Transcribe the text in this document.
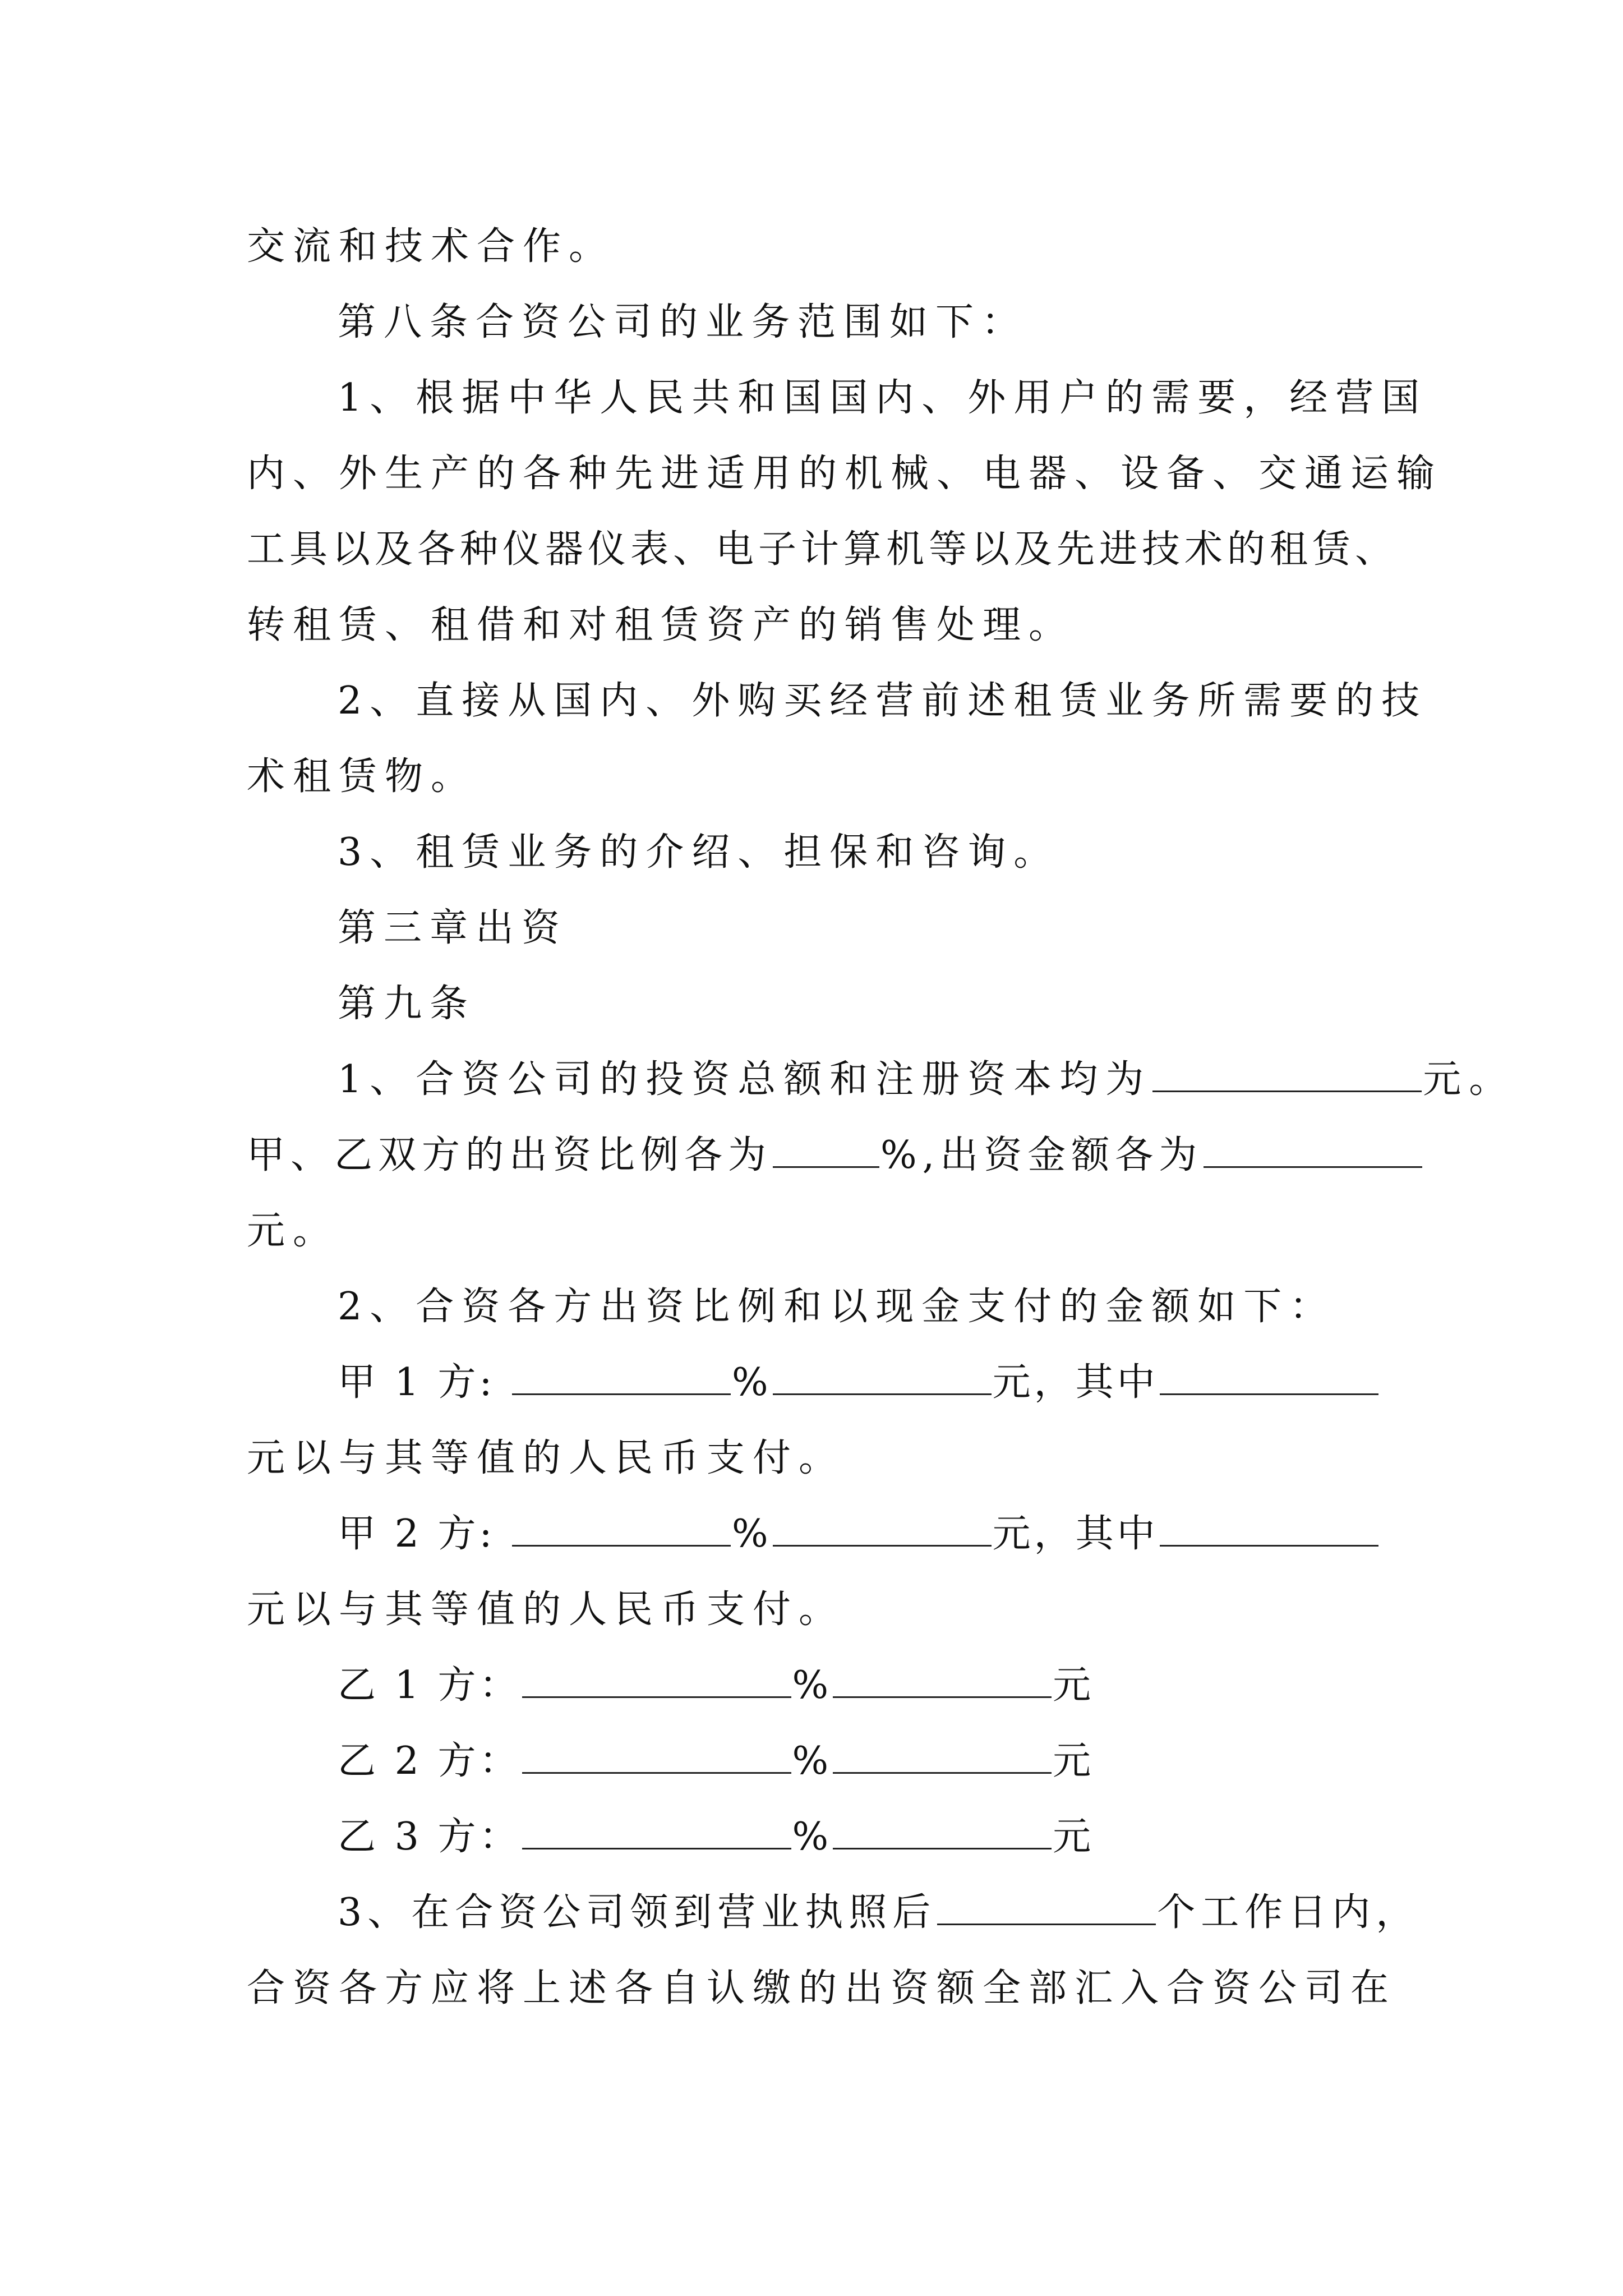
交流和技术合作。
第八条合资公司的业务范围如下：
1、根据中华人民共和国国内、外用户的需要，经营国
内、外生产的各种先进适用的机械、电器、设备、交通运输
工具以及各种仪器仪表、电子计算机等以及先进技术的租赁、
转租赁、租借和对租赁资产的销售处理。
2、直接从国内、外购买经营前述租赁业务所需要的技
术租赁物。
3、租赁业务的介绍、担保和咨询。
第三章出资
第九条
1、合资公司的投资总额和注册资本均为	元。
甲、乙双方的出资比例各为	%,出资金额各为
元。
2、合资各方出资比例和以现金支付的金额如下：
甲 1 方:	%	元，其中
元以与其等值的人民币支付。
甲 2 方:	%	元，其中
元以与其等值的人民币支付。
乙 1 方：	%	元
乙 2 方：	%	元
乙 3 方：	%	元
3、在合资公司领到营业执照后	个工作日内，
合资各方应将上述各自认缴的出资额全部汇入合资公司在
